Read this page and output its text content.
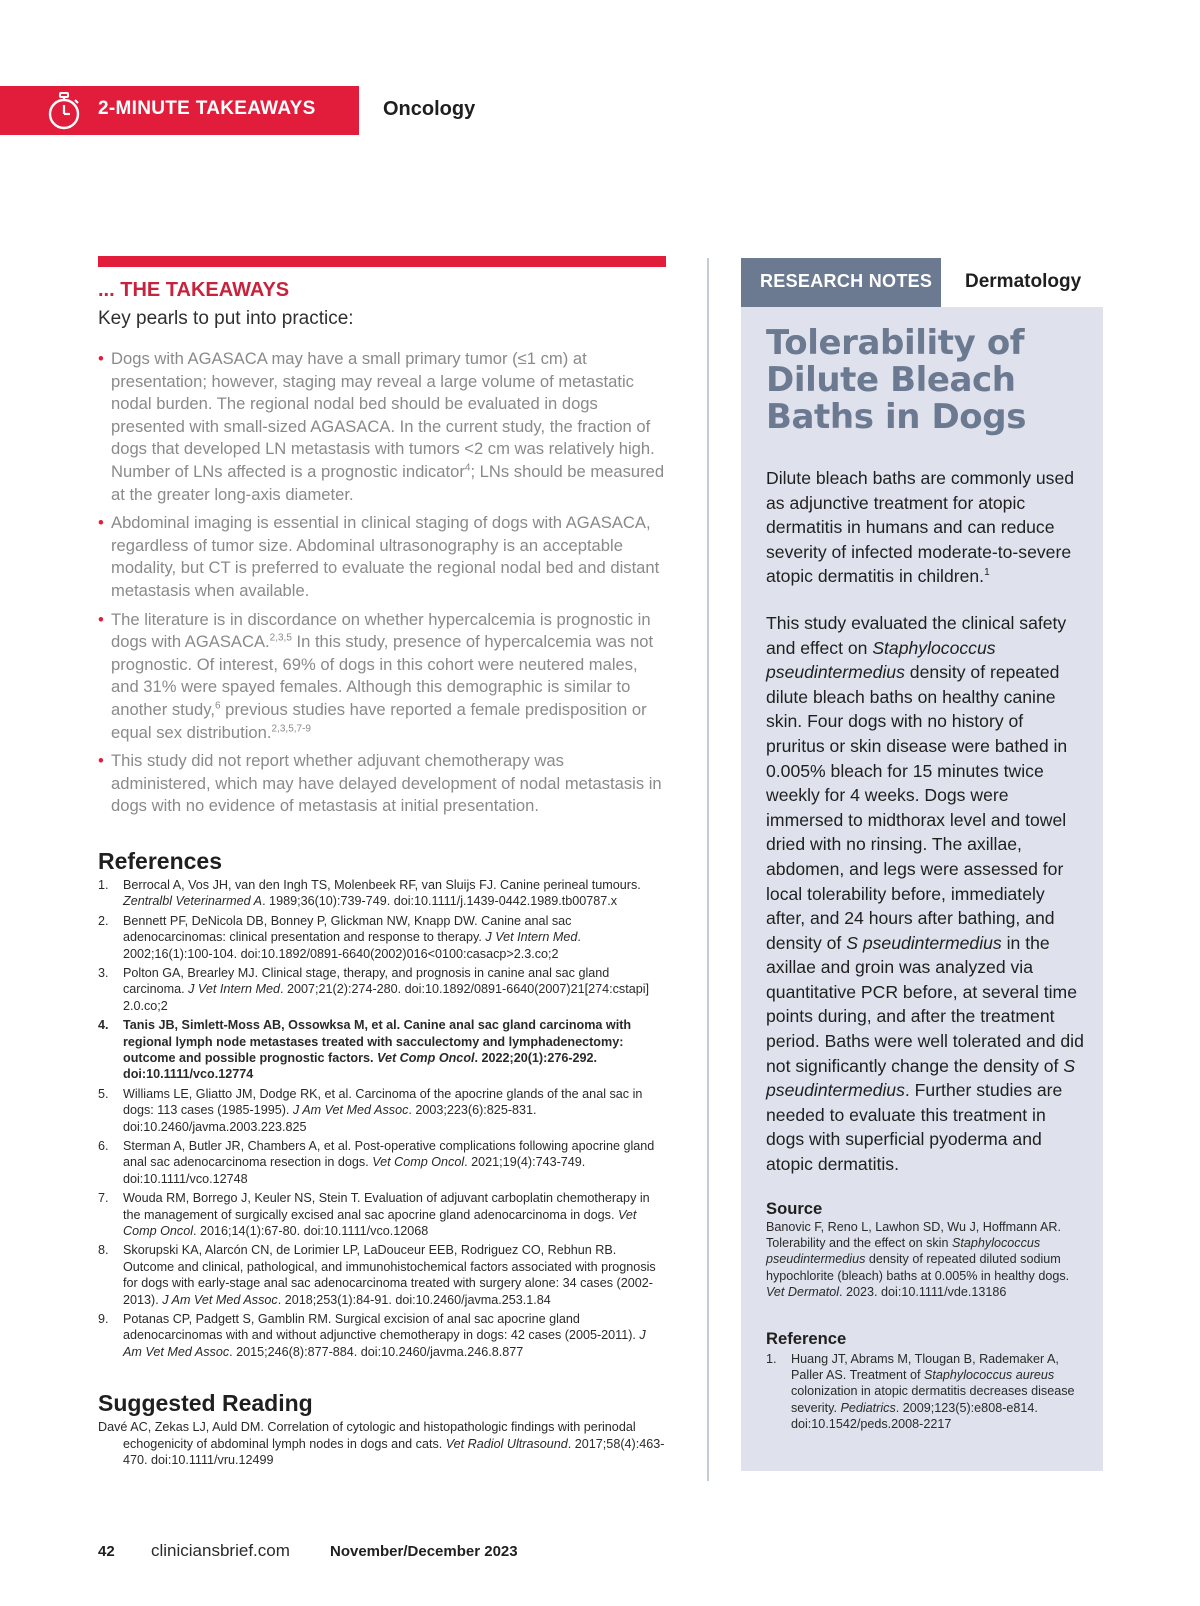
2-MINUTE TAKEAWAYS	Oncology
... THE TAKEAWAYS
Key pearls to put into practice:
• Dogs with AGASACA may have a small primary tumor (≤1 cm) at presentation; however, staging may reveal a large volume of metastatic nodal burden. The regional nodal bed should be evaluated in dogs presented with small-sized AGASACA. In the current study, the fraction of dogs that developed LN metastasis with tumors <2 cm was relatively high. Number of LNs affected is a prognostic indicator$^4$; LNs should be measured at the greater long-axis diameter.
• Abdominal imaging is essential in clinical staging of dogs with AGASACA, regardless of tumor size. Abdominal ultrasonography is an acceptable modality, but CT is preferred to evaluate the regional nodal bed and distant metastasis when available.
• The literature is in discordance on whether hypercalcemia is prognostic in dogs with AGASACA.$^{2,3,5}$ In this study, presence of hypercalcemia was not prognostic. Of interest, 69% of dogs in this cohort were neutered males, and 31% were spayed females. Although this demographic is similar to another study,$^6$ previous studies have reported a female predisposition or equal sex distribution.$^{2,3,5,7-9}$
• This study did not report whether adjuvant chemotherapy was administered, which may have delayed development of nodal metastasis in dogs with no evidence of metastasis at initial presentation.
References
1. Berrocal A, Vos JH, van den Ingh TS, Molenbeek RF, van Sluijs FJ. Canine perineal tumours. Zentralbl Veterinarmed A. 1989;36(10):739-749. doi:10.1111/j.1439-0442.1989.tb00787.x
2. Bennett PF, DeNicola DB, Bonney P, Glickman NW, Knapp DW. Canine anal sac adenocarcinomas: clinical presentation and response to therapy. J Vet Intern Med. 2002;16(1):100-104. doi:10.1892/0891-6640(2002)016<0100:casacp>2.3.co;2
3. Polton GA, Brearley MJ. Clinical stage, therapy, and prognosis in canine anal sac gland carcinoma. J Vet Intern Med. 2007;21(2):274-280. doi:10.1892/0891-6640(2007)21[274:cstapi] 2.0.co;2
4. Tanis JB, Simlett-Moss AB, Ossowksa M, et al. Canine anal sac gland carcinoma with regional lymph node metastases treated with sacculectomy and lymphadenectomy: outcome and possible prognostic factors. Vet Comp Oncol. 2022;20(1):276-292. doi:10.1111/vco.12774
5. Williams LE, Gliatto JM, Dodge RK, et al. Carcinoma of the apocrine glands of the anal sac in dogs: 113 cases (1985-1995). J Am Vet Med Assoc. 2003;223(6):825-831. doi:10.2460/javma.2003.223.825
6. Sterman A, Butler JR, Chambers A, et al. Post-operative complications following apocrine gland anal sac adenocarcinoma resection in dogs. Vet Comp Oncol. 2021;19(4):743-749. doi:10.1111/vco.12748
7. Wouda RM, Borrego J, Keuler NS, Stein T. Evaluation of adjuvant carboplatin chemotherapy in the management of surgically excised anal sac apocrine gland adenocarcinoma in dogs. Vet Comp Oncol. 2016;14(1):67-80. doi:10.1111/vco.12068
8. Skorupski KA, Alarcón CN, de Lorimier LP, LaDouceur EEB, Rodriguez CO, Rebhun RB. Outcome and clinical, pathological, and immunohistochemical factors associated with prognosis for dogs with early-stage anal sac adenocarcinoma treated with surgery alone: 34 cases (2002-2013). J Am Vet Med Assoc. 2018;253(1):84-91. doi:10.2460/javma.253.1.84
9. Potanas CP, Padgett S, Gamblin RM. Surgical excision of anal sac apocrine gland adenocarcinomas with and without adjunctive chemotherapy in dogs: 42 cases (2005-2011). J Am Vet Med Assoc. 2015;246(8):877-884. doi:10.2460/javma.246.8.877
Suggested Reading

Davé AC, Zekas LJ, Auld DM. Correlation of cytologic and histopathologic findings with perinodal echogenicity of abdominal lymph nodes in dogs and cats. Vet Radiol Ultrasound. 2017;58(4):463-470. doi:10.1111/vru.12499

RESEARCH NOTES	Dermatology
Tolerability of Dilute Bleach Baths in Dogs

Dilute bleach baths are commonly used as adjunctive treatment for atopic dermatitis in humans and can reduce severity of infected moderate-to-severe atopic dermatitis in children.$^1$

This study evaluated the clinical safety and effect on Staphylococcus pseudintermedius density of repeated dilute bleach baths on healthy canine skin. Four dogs with no history of pruritus or skin disease were bathed in 0.005% bleach for 15 minutes twice weekly for 4 weeks. Dogs were immersed to midthorax level and towel dried with no rinsing. The axillae, abdomen, and legs were assessed for local tolerability before, immediately after, and 24 hours after bathing, and density of S pseudintermedius in the axillae and groin was analyzed via quantitative PCR before, at several time points during, and after the treatment period. Baths were well tolerated and did not significantly change the density of S pseudintermedius. Further studies are needed to evaluate this treatment in dogs with superficial pyoderma and atopic dermatitis.

Source

Banovic F, Reno L, Lawhon SD, Wu J, Hoffmann AR. Tolerability and the effect on skin Staphylococcus pseudintermedius density of repeated diluted sodium hypochlorite (bleach) baths at 0.005% in healthy dogs. Vet Dermatol. 2023. doi:10.1111/vde.13186

Reference
1. Huang JT, Abrams M, Tlougan B, Rademaker A, Paller AS. Treatment of Staphylococcus aureus colonization in atopic dermatitis decreases disease severity. Pediatrics. 2009;123(5):e808-e814. doi:10.1542/peds.2008-2217
42 cliniciansbrief.com	November/December 2023
